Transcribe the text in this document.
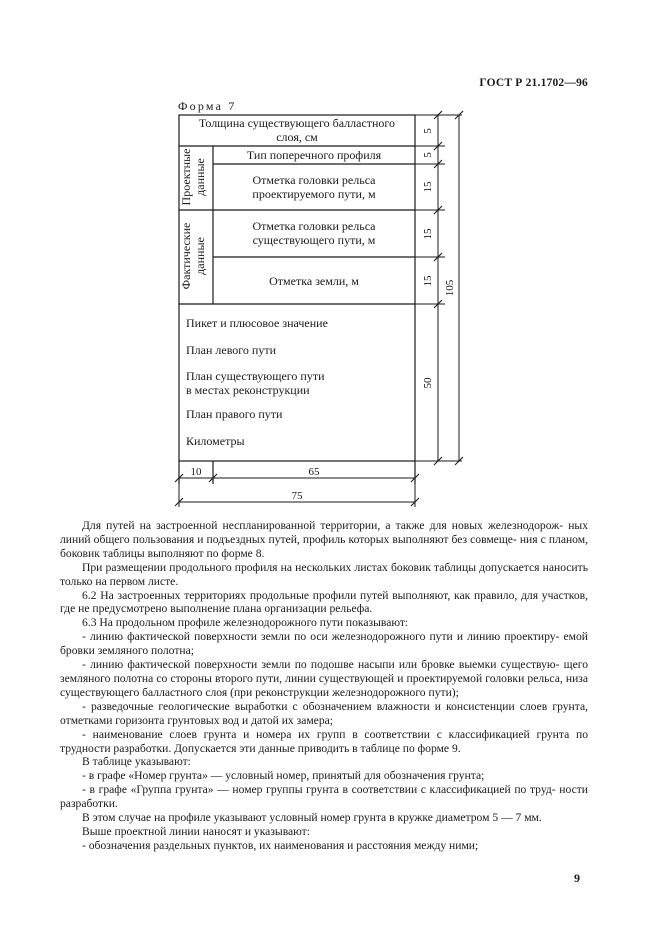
ГОСТ Р 21.1702—96
Форма 7
Толщина существующего балластного
слоя, см
Тип поперечного профиля
Отметка головки рельса
проектируемого пути, м
Отметка головки рельса
существующего пути, м
Отметка земли, м
Проектные данные
Фактические данные
Пикет и плюсовое значение
План левого пути
План существующего пути
в местах реконструкции
План правого пути
Километры
5
5
15
15
15
50
105
10	65
75

Для путей на застроенной неспланированной территории, а также для новых железнодорож- ных линий общего пользования и подъездных путей, профиль которых выполняют без совмеще- ния с планом, боковик таблицы выполняют по форме 8.

При размещении продольного профиля на нескольких листах боковик таблицы допускается наносить только на первом листе.

6.2 На застроенных территориях продольные профили путей выполняют, как правило, для участков, где не предусмотрено выполнение плана организации рельефа.

6.3 На продольном профиле железнодорожного пути показывают:

- линию фактической поверхности земли по оси железнодорожного пути и линию проектиру- емой бровки земляного полотна;

- линию фактической поверхности земли по подошве насыпи или бровке выемки существую- щего земляного полотна со стороны второго пути, линии существующей и проектируемой головки рельса, низа существующего балластного слоя (при реконструкции железнодорожного пути);

- разведочные геологические выработки с обозначением влажности и консистенции слоев грунта, отметками горизонта грунтовых вод и датой их замера;

- наименование слоев грунта и номера их групп в соответствии с классификацией грунта по трудности разработки. Допускается эти данные приводить в таблице по форме 9.

В таблице указывают:

- в графе «Номер грунта» — условный номер, принятый для обозначения грунта;

- в графе «Группа грунта» — номер группы грунта в соответствии с классификацией по труд- ности разработки.

В этом случае на профиле указывают условный номер грунта в кружке диаметром 5 — 7 мм.

Выше проектной линии наносят и указывают:

- обозначения раздельных пунктов, их наименования и расстояния между ними;

9
